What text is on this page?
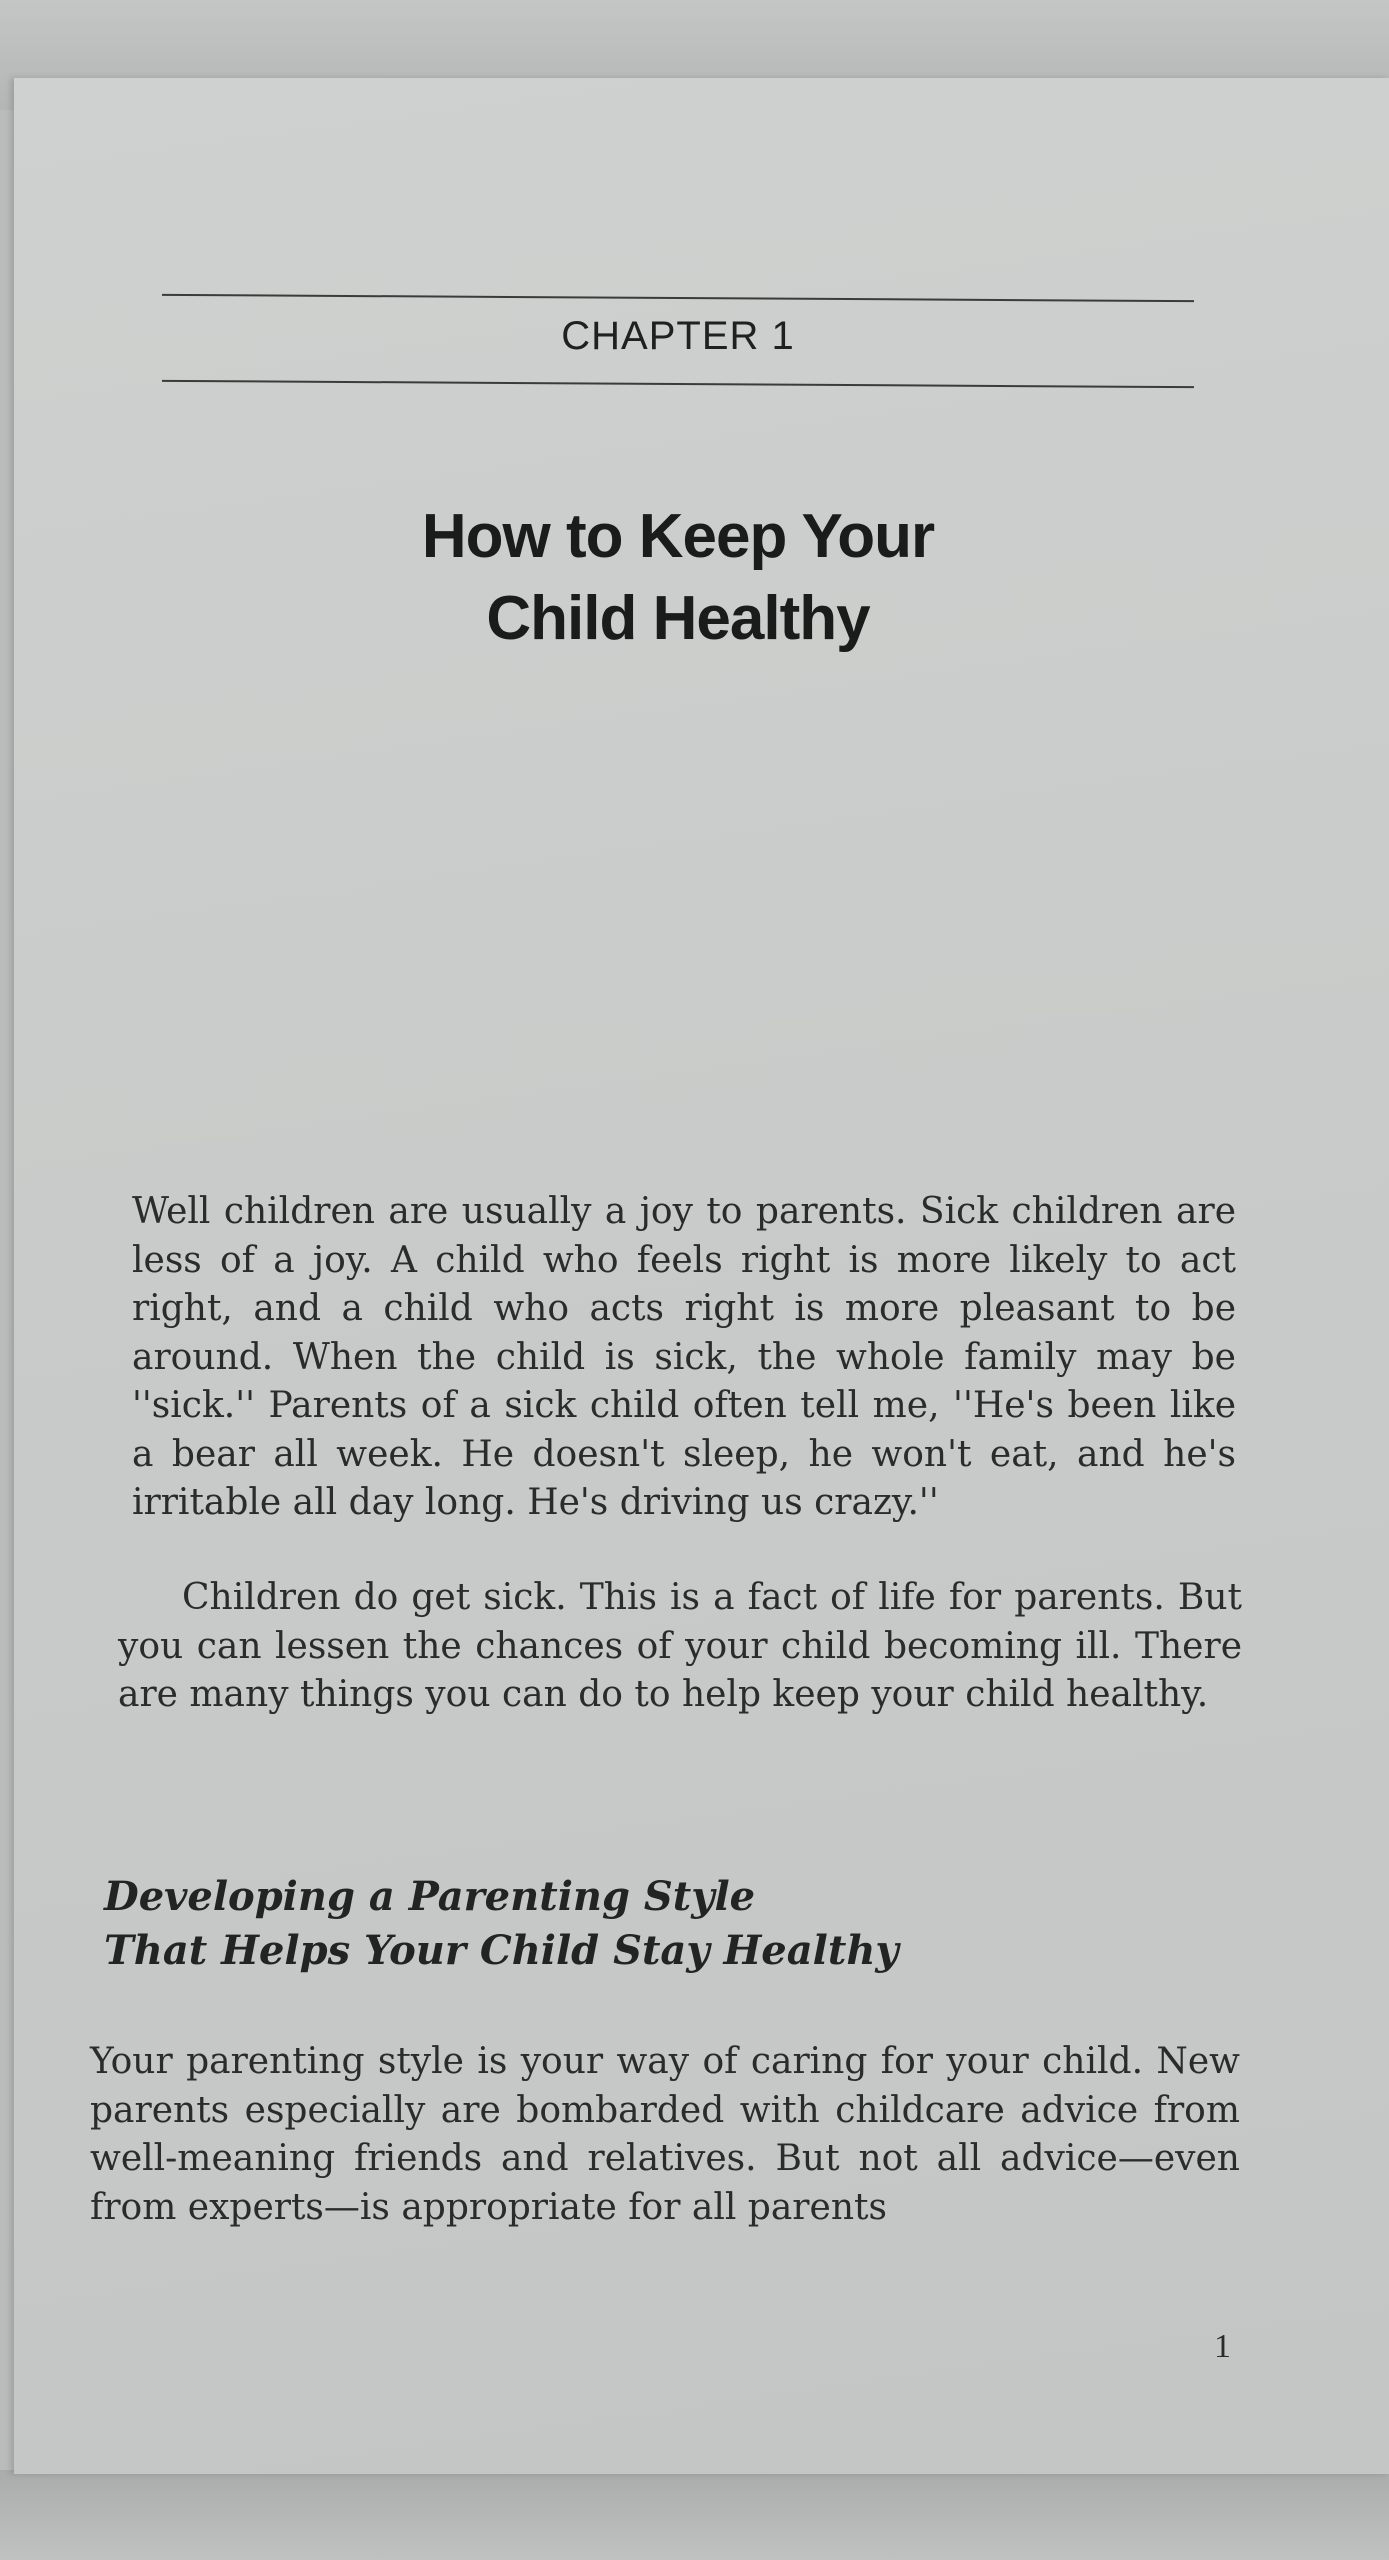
CHAPTER 1
How to Keep Your
Child Healthy

Well children are usually a joy to parents. Sick children are less of a joy. A child who feels right is more likely to act right, and a child who acts right is more pleasant to be around. When the child is sick, the whole family may be ''sick.'' Parents of a sick child often tell me, ''He's been like a bear all week. He doesn't sleep, he won't eat, and he's irritable all day long. He's driving us crazy.''

Children do get sick. This is a fact of life for parents. But you can lessen the chances of your child becoming ill. There are many things you can do to help keep your child healthy.

Developing a Parenting Style
That Helps Your Child Stay Healthy

Your parenting style is your way of caring for your child. New parents especially are bombarded with childcare advice from well-meaning friends and relatives. But not all advice—even from experts—is appropriate for all parents

1
